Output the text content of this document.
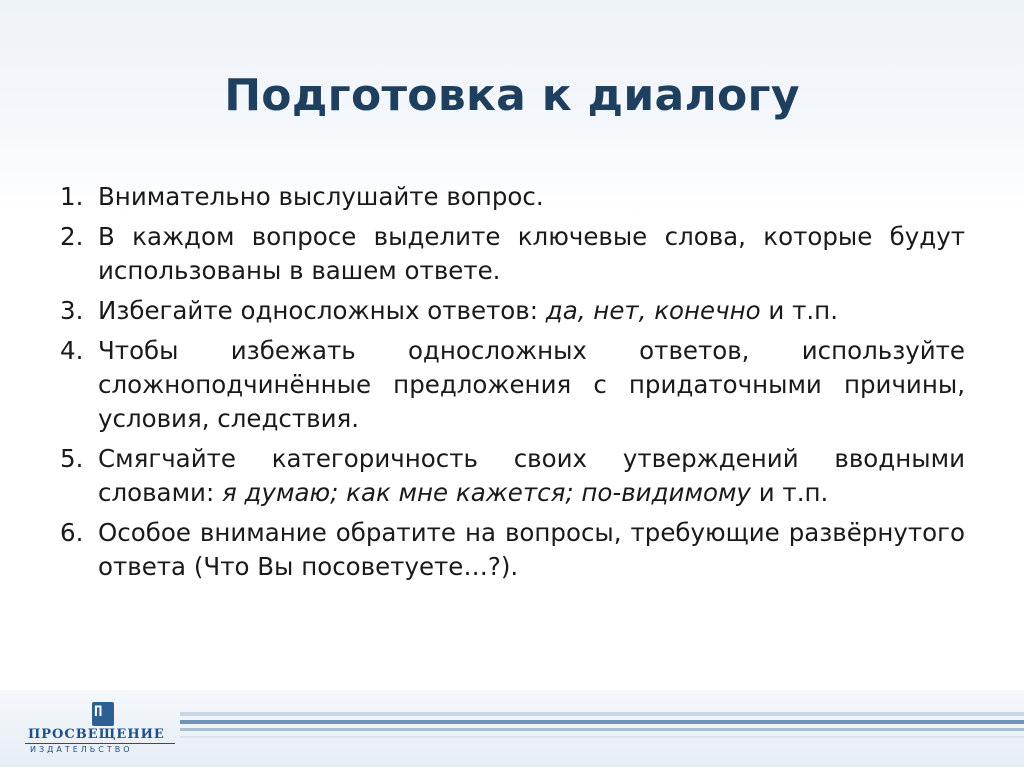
Подготовка к диалогу
1. Внимательно выслушайте вопрос.
2. В каждом вопросе выделите ключевые слова, которые будут использованы в вашем ответе.
3. Избегайте односложных ответов: да, нет, конечно и т.п.
4. Чтобы избежать односложных ответов, используйте сложноподчинённые предложения с придаточными причины, условия, следствия.
5. Смягчайте категоричность своих утверждений вводными словами: я думаю; как мне кажется; по-видимому и т.п.
6. Особое внимание обратите на вопросы, требующие развёрнутого ответа (Что Вы посоветуете…?).
П
ПРОСВЕЩЕНИЕ
ИЗДАТЕЛЬСТВО
